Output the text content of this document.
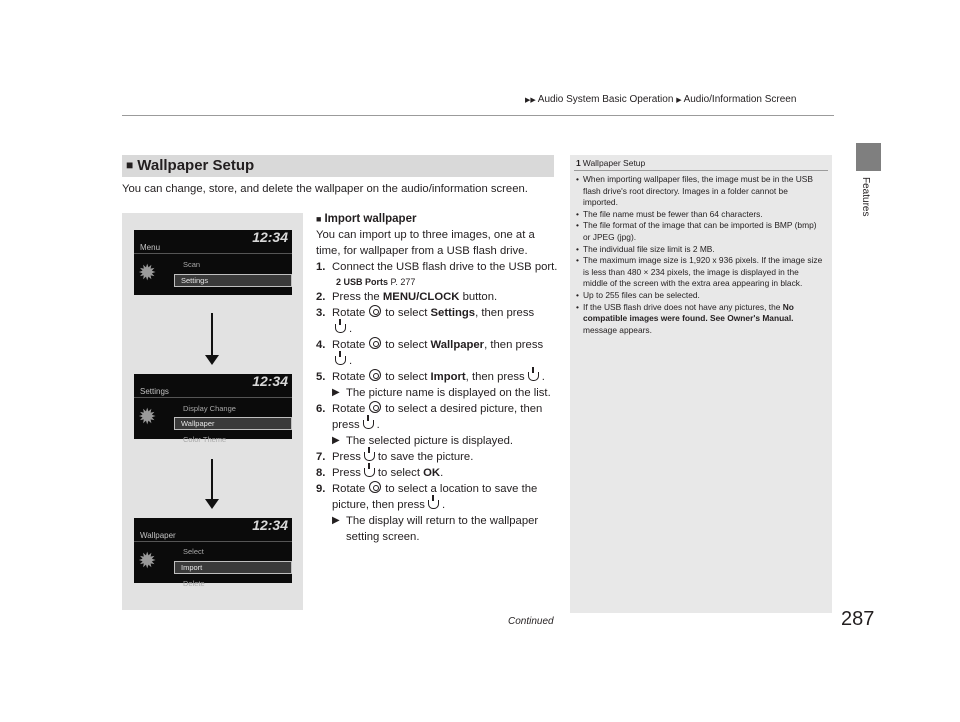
▶▶ Audio System Basic Operation ▶ Audio/Information Screen
Features
■ Wallpaper Setup
You can change, store, and delete the wallpaper on the audio/information screen.
12:34
Menu
✹	Scan
Settings
12:34
Settings
✹	Display Change
Wallpaper
Color Theme
12:34
Wallpaper
✹	Select
Import
Delete
■ Import wallpaper
You can import up to three images, one at a time, for wallpaper from a USB flash drive.
1. Connect the USB flash drive to the USB port.
2 USB Ports P. 277
2. Press the MENU/CLOCK button.
3. Rotate to select Settings, then press
.
4. Rotate to select Wallpaper, then press
.
5. Rotate to select Import, then press .
▶ The picture name is displayed on the list.
6. Rotate to select a desired picture, then press .
▶ The selected picture is displayed.
7. Press to save the picture.
8. Press to select OK.
9. Rotate to select a location to save the picture, then press .
▶ The display will return to the wallpaper setting screen.
1 Wallpaper Setup
• When importing wallpaper files, the image must be in the USB flash drive's root directory. Images in a folder cannot be imported.
• The file name must be fewer than 64 characters.
• The file format of the image that can be imported is BMP (bmp) or JPEG (jpg).
• The individual file size limit is 2 MB.
• The maximum image size is 1,920 x 936 pixels. If the image size is less than 480 × 234 pixels, the image is displayed in the middle of the screen with the extra area appearing in black.
• Up to 255 files can be selected.
• If the USB flash drive does not have any pictures, the No compatible images were found. See Owner's Manual. message appears.
Continued	287
